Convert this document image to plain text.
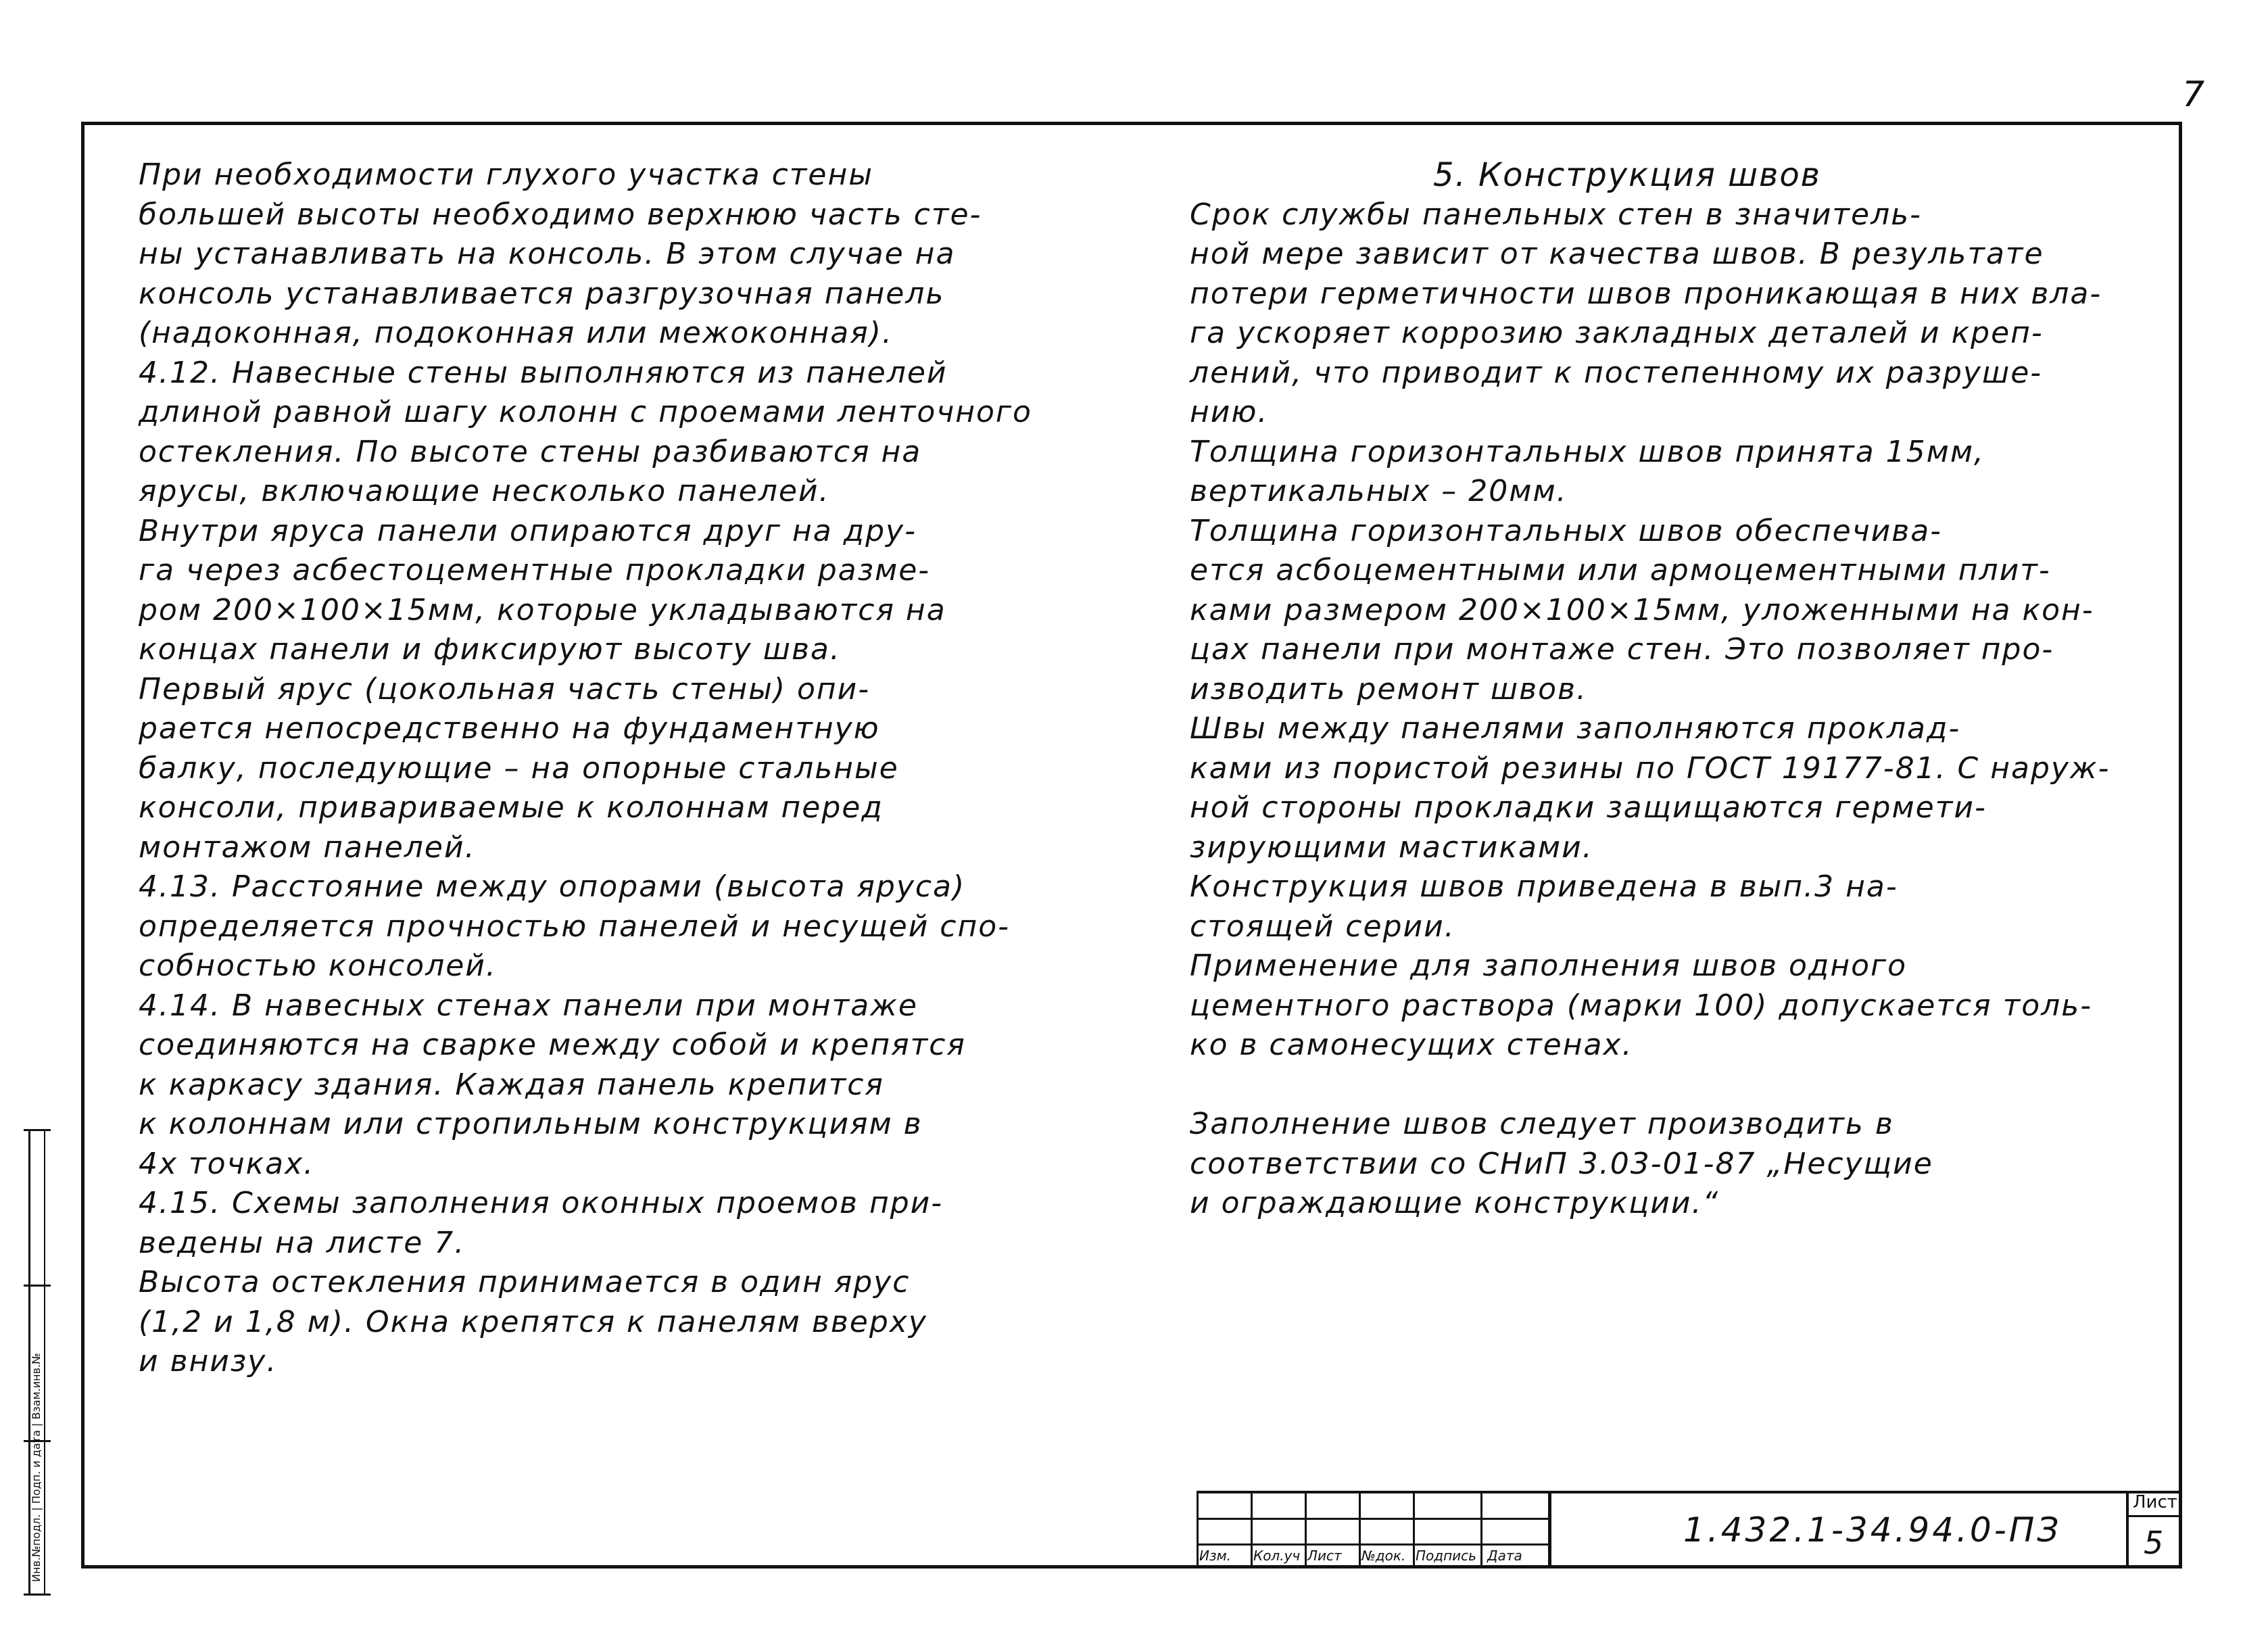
7
При необходимости глухого участка стены
большей высоты необходимо верхнюю часть сте-
ны устанавливать на консоль. В этом случае на
консоль устанавливается разгрузочная панель
(надоконная, подоконная или межоконная).
4.12. Навесные стены выполняются из панелей
длиной равной шагу колонн с проемами ленточного
остекления. По высоте стены разбиваются на
ярусы, включающие несколько панелей.
Внутри яруса панели опираются друг на дру-
га через асбестоцементные прокладки разме-
ром 200×100×15мм, которые укладываются на
концах панели и фиксируют высоту шва.
Первый ярус (цокольная часть стены) опи-
рается непосредственно на фундаментную
балку, последующие – на опорные стальные
консоли, привариваемые к колоннам перед
монтажом панелей.
4.13. Расстояние между опорами (высота яруса)
определяется прочностью панелей и несущей спо-
собностью консолей.
4.14. В навесных стенах панели при монтаже
соединяются на сварке между собой и крепятся
к каркасу здания. Каждая панель крепится
к колоннам или стропильным конструкциям в
4х точках.
4.15. Схемы заполнения оконных проемов при-
ведены на листе 7.
Высота остекления принимается в один ярус
(1,2 и 1,8 м). Окна крепятся к панелям вверху
и внизу.
5. Конструкция швов
Срок службы панельных стен в значитель-
ной мере зависит от качества швов. В результате
потери герметичности швов проникающая в них вла-
га ускоряет коррозию закладных деталей и креп-
лений, что приводит к постепенному их разруше-
нию.
Толщина горизонтальных швов принята 15мм,
вертикальных – 20мм.
Толщина горизонтальных швов обеспечива-
ется асбоцементными или армоцементными плит-
ками размером 200×100×15мм, уложенными на кон-
цах панели при монтаже стен. Это позволяет про-
изводить ремонт швов.
Швы между панелями заполняются проклад-
ками из пористой резины по ГОСТ 19177-81. С наруж-
ной стороны прокладки защищаются гермети-
зирующими мастиками.
Конструкция швов приведена в вып.3 на-
стоящей серии.
Применение для заполнения швов одного
цементного раствора (марки 100) допускается толь-
ко в самонесущих стенах.
Заполнение швов следует производить в
соответствии со СНиП 3.03-01-87 „Несущие
и ограждающие конструкции.“
Изм. Кол.уч Лист №док. Подпись Дата
1.432.1-34.94.0-ПЗ
Лист
5
Инв.№подл. | Подп. и дата | Взам.инв.№
